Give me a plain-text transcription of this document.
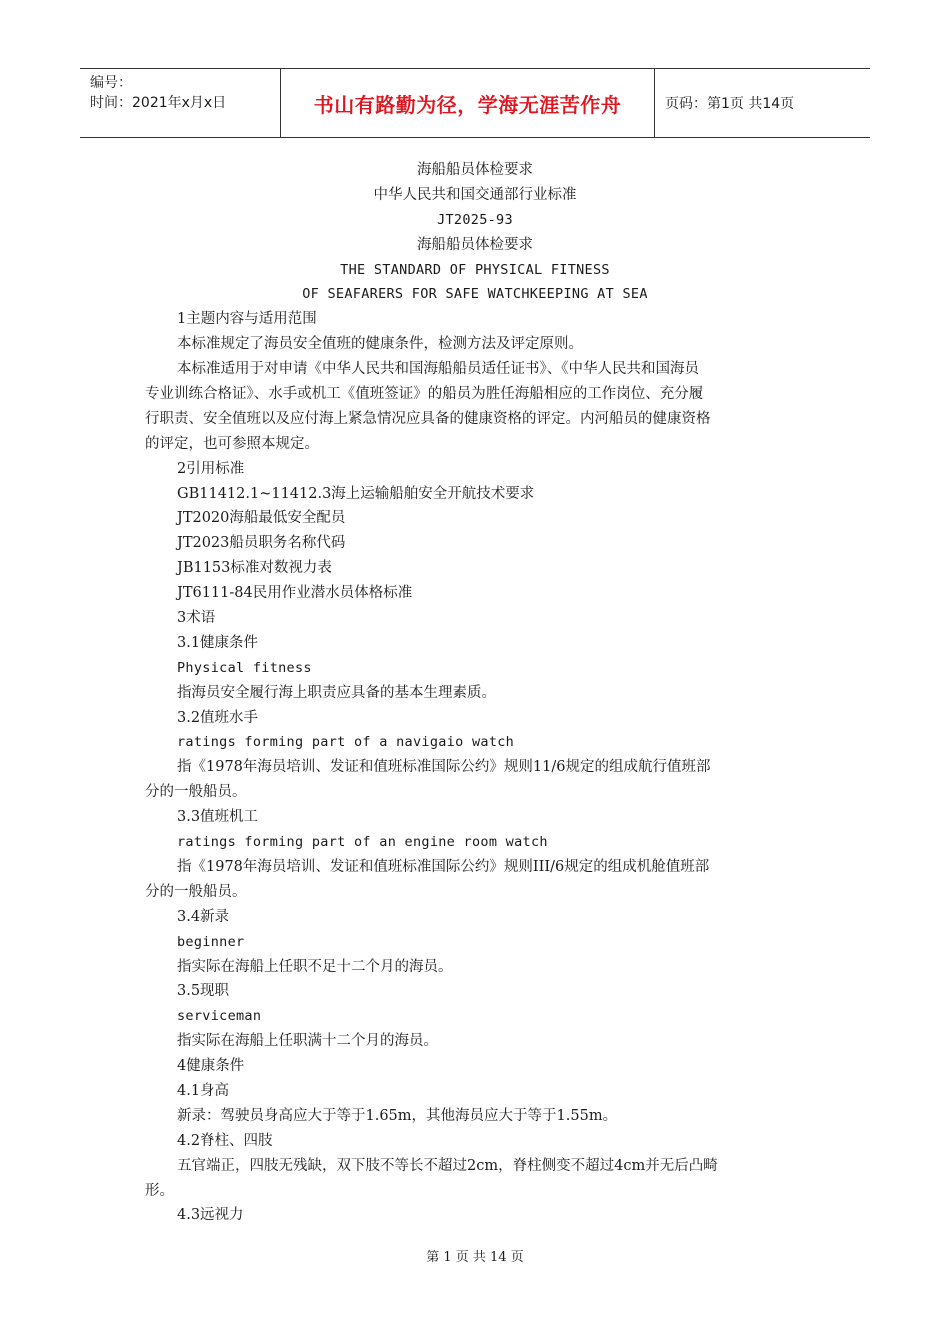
编号：
时间：2021年x月x日	书山有路勤为径，学海无涯苦作舟	页码：第1页 共14页
海船船员体检要求
中华人民共和国交通部行业标准
JT2025-93
海船船员体检要求
THE STANDARD OF PHYSICAL FITNESS
OF SEAFARERS FOR SAFE WATCHKEEPING AT SEA
1主题内容与适用范围
本标准规定了海员安全值班的健康条件，检测方法及评定原则。
本标准适用于对申请《中华人民共和国海船船员适任证书》、《中华人民共和国海员
专业训练合格证》、水手或机工《值班签证》的船员为胜任海船相应的工作岗位、充分履
行职责、安全值班以及应付海上紧急情况应具备的健康资格的评定。内河船员的健康资格
的评定，也可参照本规定。
2引用标准
GB11412.1~11412.3海上运输船舶安全开航技术要求
JT2020海船最低安全配员
JT2023船员职务名称代码
JB1153标准对数视力表
JT6111-84民用作业潜水员体格标准
3术语
3.1健康条件
Physical fitness
指海员安全履行海上职责应具备的基本生理素质。
3.2值班水手
ratings forming part of a navigaio watch
指《1978年海员培训、发证和值班标准国际公约》规则11/6规定的组成航行值班部
分的一般船员。
3.3值班机工
ratings forming part of an engine room watch
指《1978年海员培训、发证和值班标准国际公约》规则III/6规定的组成机舱值班部
分的一般船员。
3.4新录
beginner
指实际在海船上任职不足十二个月的海员。
3.5现职
serviceman
指实际在海船上任职满十二个月的海员。
4健康条件
4.1身高
新录：驾驶员身高应大于等于1.65m，其他海员应大于等于1.55m。
4.2脊柱、四肢
五官端正，四肢无残缺，双下肢不等长不超过2cm，脊柱侧变不超过4cm并无后凸畸
形。
4.3远视力
第 1 页 共 14 页
